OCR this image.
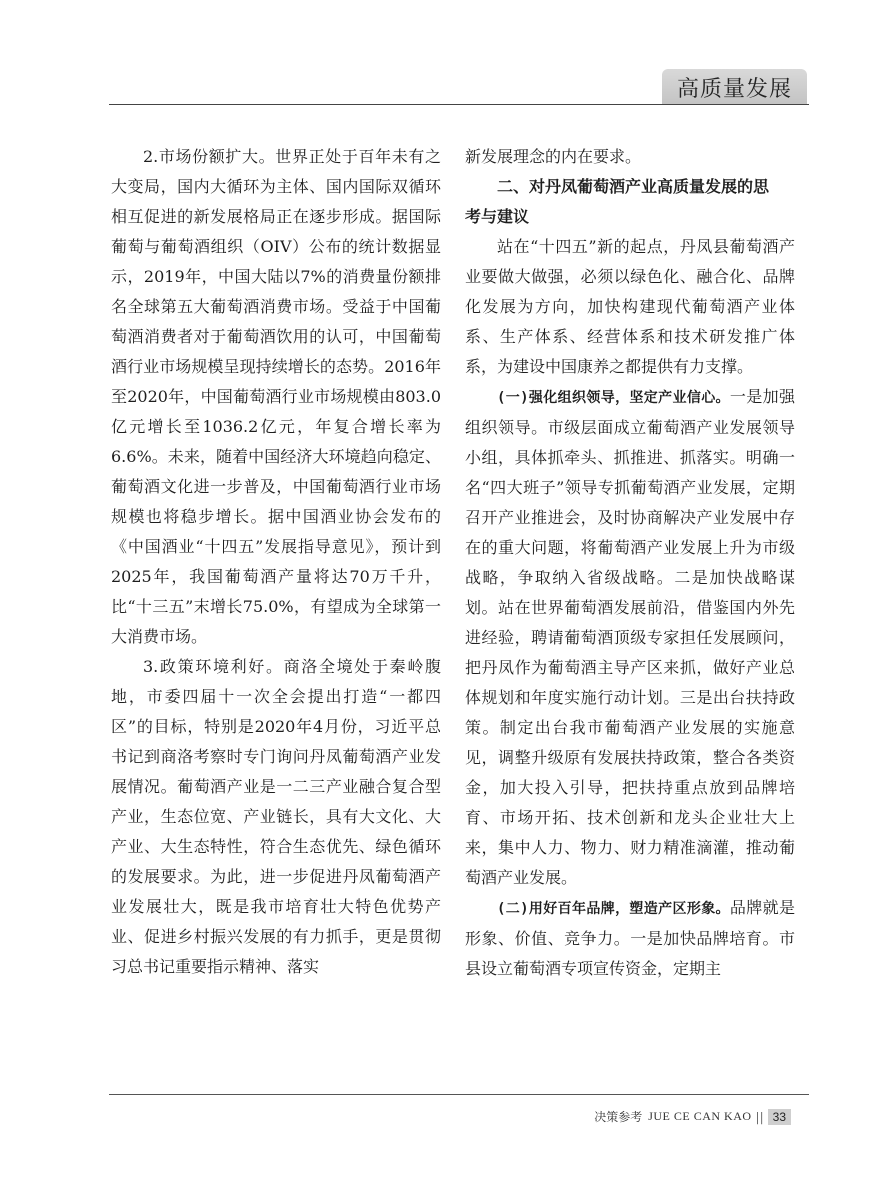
高质量发展

2.市场份额扩大。世界正处于百年未有之大变局，国内大循环为主体、国内国际双循环相互促进的新发展格局正在逐步形成。据国际葡萄与葡萄酒组织（OIV）公布的统计数据显示，2019年，中国大陆以7%的消费量份额排名全球第五大葡萄酒消费市场。受益于中国葡萄酒消费者对于葡萄酒饮用的认可，中国葡萄酒行业市场规模呈现持续增长的态势。2016年至2020年，中国葡萄酒行业市场规模由803.0亿元增长至1036.2亿元，年复合增长率为6.6%。未来，随着中国经济大环境趋向稳定、葡萄酒文化进一步普及，中国葡萄酒行业市场规模也将稳步增长。据中国酒业协会发布的《中国酒业“十四五”发展指导意见》，预计到2025年，我国葡萄酒产量将达70万千升，比“十三五”末增长75.0%，有望成为全球第一大消费市场。

3.政策环境利好。商洛全境处于秦岭腹地，市委四届十一次全会提出打造“一都四区”的目标，特别是2020年4月份，习近平总书记到商洛考察时专门询问丹凤葡萄酒产业发展情况。葡萄酒产业是一二三产业融合复合型产业，生态位宽、产业链长，具有大文化、大产业、大生态特性，符合生态优先、绿色循环的发展要求。为此，进一步促进丹凤葡萄酒产业发展壮大，既是我市培育壮大特色优势产业、促进乡村振兴发展的有力抓手，更是贯彻习总书记重要指示精神、落实

新发展理念的内在要求。

二、对丹凤葡萄酒产业高质量发展的思

考与建议

站在“十四五”新的起点，丹凤县葡萄酒产业要做大做强，必须以绿色化、融合化、品牌化发展为方向，加快构建现代葡萄酒产业体系、生产体系、经营体系和技术研发推广体系，为建设中国康养之都提供有力支撑。

(一)强化组织领导，坚定产业信心。一是加强组织领导。市级层面成立葡萄酒产业发展领导小组，具体抓牵头、抓推进、抓落实。明确一名“四大班子”领导专抓葡萄酒产业发展，定期召开产业推进会，及时协商解决产业发展中存在的重大问题，将葡萄酒产业发展上升为市级战略，争取纳入省级战略。二是加快战略谋划。站在世界葡萄酒发展前沿，借鉴国内外先进经验，聘请葡萄酒顶级专家担任发展顾问，把丹凤作为葡萄酒主导产区来抓，做好产业总体规划和年度实施行动计划。三是出台扶持政策。制定出台我市葡萄酒产业发展的实施意见，调整升级原有发展扶持政策，整合各类资金，加大投入引导，把扶持重点放到品牌培育、市场开拓、技术创新和龙头企业壮大上来，集中人力、物力、财力精准滴灌，推动葡萄酒产业发展。

(二)用好百年品牌，塑造产区形象。品牌就是形象、价值、竞争力。一是加快品牌培育。市县设立葡萄酒专项宣传资金，定期主

决策参考 JUE CE CAN KAO || 33
